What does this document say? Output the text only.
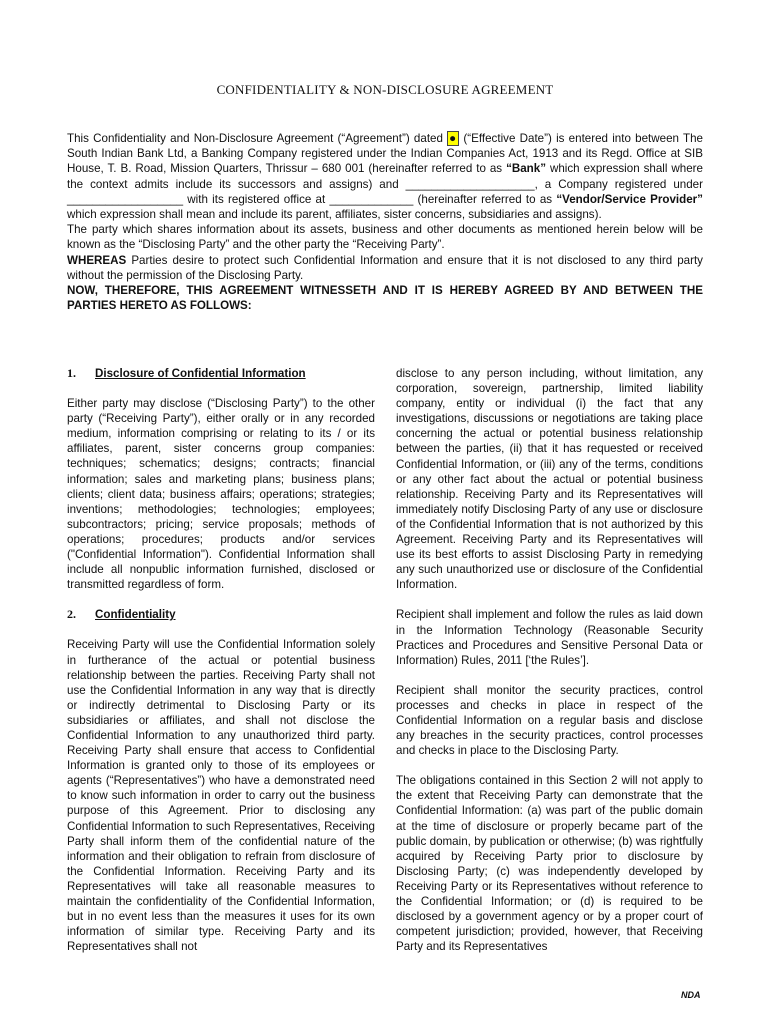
CONFIDENTIALITY & NON-DISCLOSURE AGREEMENT

This Confidentiality and Non-Disclosure Agreement (“Agreement”) dated ● (“Effective Date”) is entered into between The South Indian Bank Ltd, a Banking Company registered under the Indian Companies Act, 1913 and its Regd. Office at SIB House, T. B. Road, Mission Quarters, Thrissur – 680 001 (hereinafter referred to as “Bank” which expression shall where the context admits include its successors and assigns) and ____________________, a Company registered under __________________ with its registered office at _____________ (hereinafter referred to as “Vendor/Service Provider” which expression shall mean and include its parent, affiliates, sister concerns, subsidiaries and assigns).

The party which shares information about its assets, business and other documents as mentioned herein below will be known as the “Disclosing Party” and the other party the “Receiving Party”.

WHEREAS Parties desire to protect such Confidential Information and ensure that it is not disclosed to any third party without the permission of the Disclosing Party.

NOW, THEREFORE, THIS AGREEMENT WITNESSETH AND IT IS HEREBY AGREED BY AND BETWEEN THE PARTIES HERETO AS FOLLOWS:

1.	Disclosure of Confidential Information

Either party may disclose (“Disclosing Party”) to the other party (“Receiving Party”), either orally or in any recorded medium, information comprising or relating to its / or its affiliates, parent, sister concerns group companies: techniques; schematics; designs; contracts; financial information; sales and marketing plans; business plans; clients; client data; business affairs; operations; strategies; inventions; methodologies; technologies; employees; subcontractors; pricing; service proposals; methods of operations; procedures; products and/or services ("Confidential Information"). Confidential Information shall include all nonpublic information furnished, disclosed or transmitted regardless of form.

2.	Confidentiality

Receiving Party will use the Confidential Information solely in furtherance of the actual or potential business relationship between the parties. Receiving Party shall not use the Confidential Information in any way that is directly or indirectly detrimental to Disclosing Party or its subsidiaries or affiliates, and shall not disclose the Confidential Information to any unauthorized third party. Receiving Party shall ensure that access to Confidential Information is granted only to those of its employees or agents (“Representatives”) who have a demonstrated need to know such information in order to carry out the business purpose of this Agreement. Prior to disclosing any Confidential Information to such Representatives, Receiving Party shall inform them of the confidential nature of the information and their obligation to refrain from disclosure of the Confidential Information. Receiving Party and its Representatives will take all reasonable measures to maintain the confidentiality of the Confidential Information, but in no event less than the measures it uses for its own information of similar type. Receiving Party and its Representatives shall not

disclose to any person including, without limitation, any corporation, sovereign, partnership, limited liability company, entity or individual (i) the fact that any investigations, discussions or negotiations are taking place concerning the actual or potential business relationship between the parties, (ii) that it has requested or received Confidential Information, or (iii) any of the terms, conditions or any other fact about the actual or potential business relationship. Receiving Party and its Representatives will immediately notify Disclosing Party of any use or disclosure of the Confidential Information that is not authorized by this Agreement. Receiving Party and its Representatives will use its best efforts to assist Disclosing Party in remedying any such unauthorized use or disclosure of the Confidential Information.

Recipient shall implement and follow the rules as laid down in the Information Technology (Reasonable Security Practices and Procedures and Sensitive Personal Data or Information) Rules, 2011 [‘the Rules’].

Recipient shall monitor the security practices, control processes and checks in place in respect of the Confidential Information on a regular basis and disclose any breaches in the security practices, control processes and checks in place to the Disclosing Party.

The obligations contained in this Section 2 will not apply to the extent that Receiving Party can demonstrate that the Confidential Information: (a) was part of the public domain at the time of disclosure or properly became part of the public domain, by publication or otherwise; (b) was rightfully acquired by Receiving Party prior to disclosure by Disclosing Party; (c) was independently developed by Receiving Party or its Representatives without reference to the Confidential Information; or (d) is required to be disclosed by a government agency or by a proper court of competent jurisdiction; provided, however, that Receiving Party and its Representatives

NDA
